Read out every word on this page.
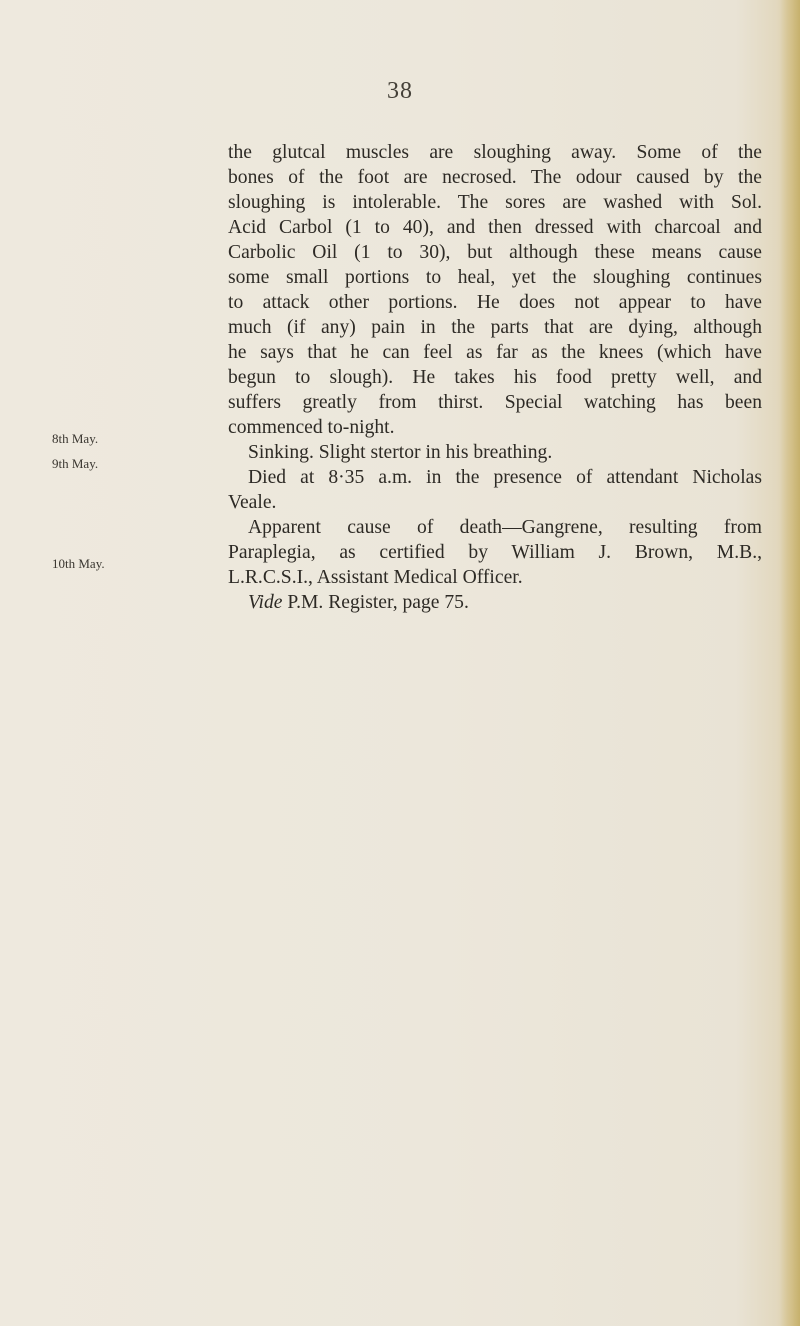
38
the glutcal muscles are sloughing away. Some of the
bones of the foot are necrosed. The odour caused by the
sloughing is intolerable. The sores are washed with Sol.
Acid Carbol (1 to 40), and then dressed with charcoal and
Carbolic Oil (1 to 30), but although these means cause
some small portions to heal, yet the sloughing continues
to attack other portions. He does not appear to have
much (if any) pain in the parts that are dying, although
he says that he can feel as far as the knees (which have
begun to slough). He takes his food pretty well, and
suffers greatly from thirst. Special watching has been
commenced to-night.
Sinking. Slight stertor in his breathing.
Died at 8·35 a.m. in the presence of attendant Nicholas
Veale.
Apparent cause of death—Gangrene, resulting from
Paraplegia, as certified by William J. Brown, M.B.,
L.R.C.S.I., Assistant Medical Officer.
Vide P.M. Register, page 75.
8th May.
9th May.
10th May.
